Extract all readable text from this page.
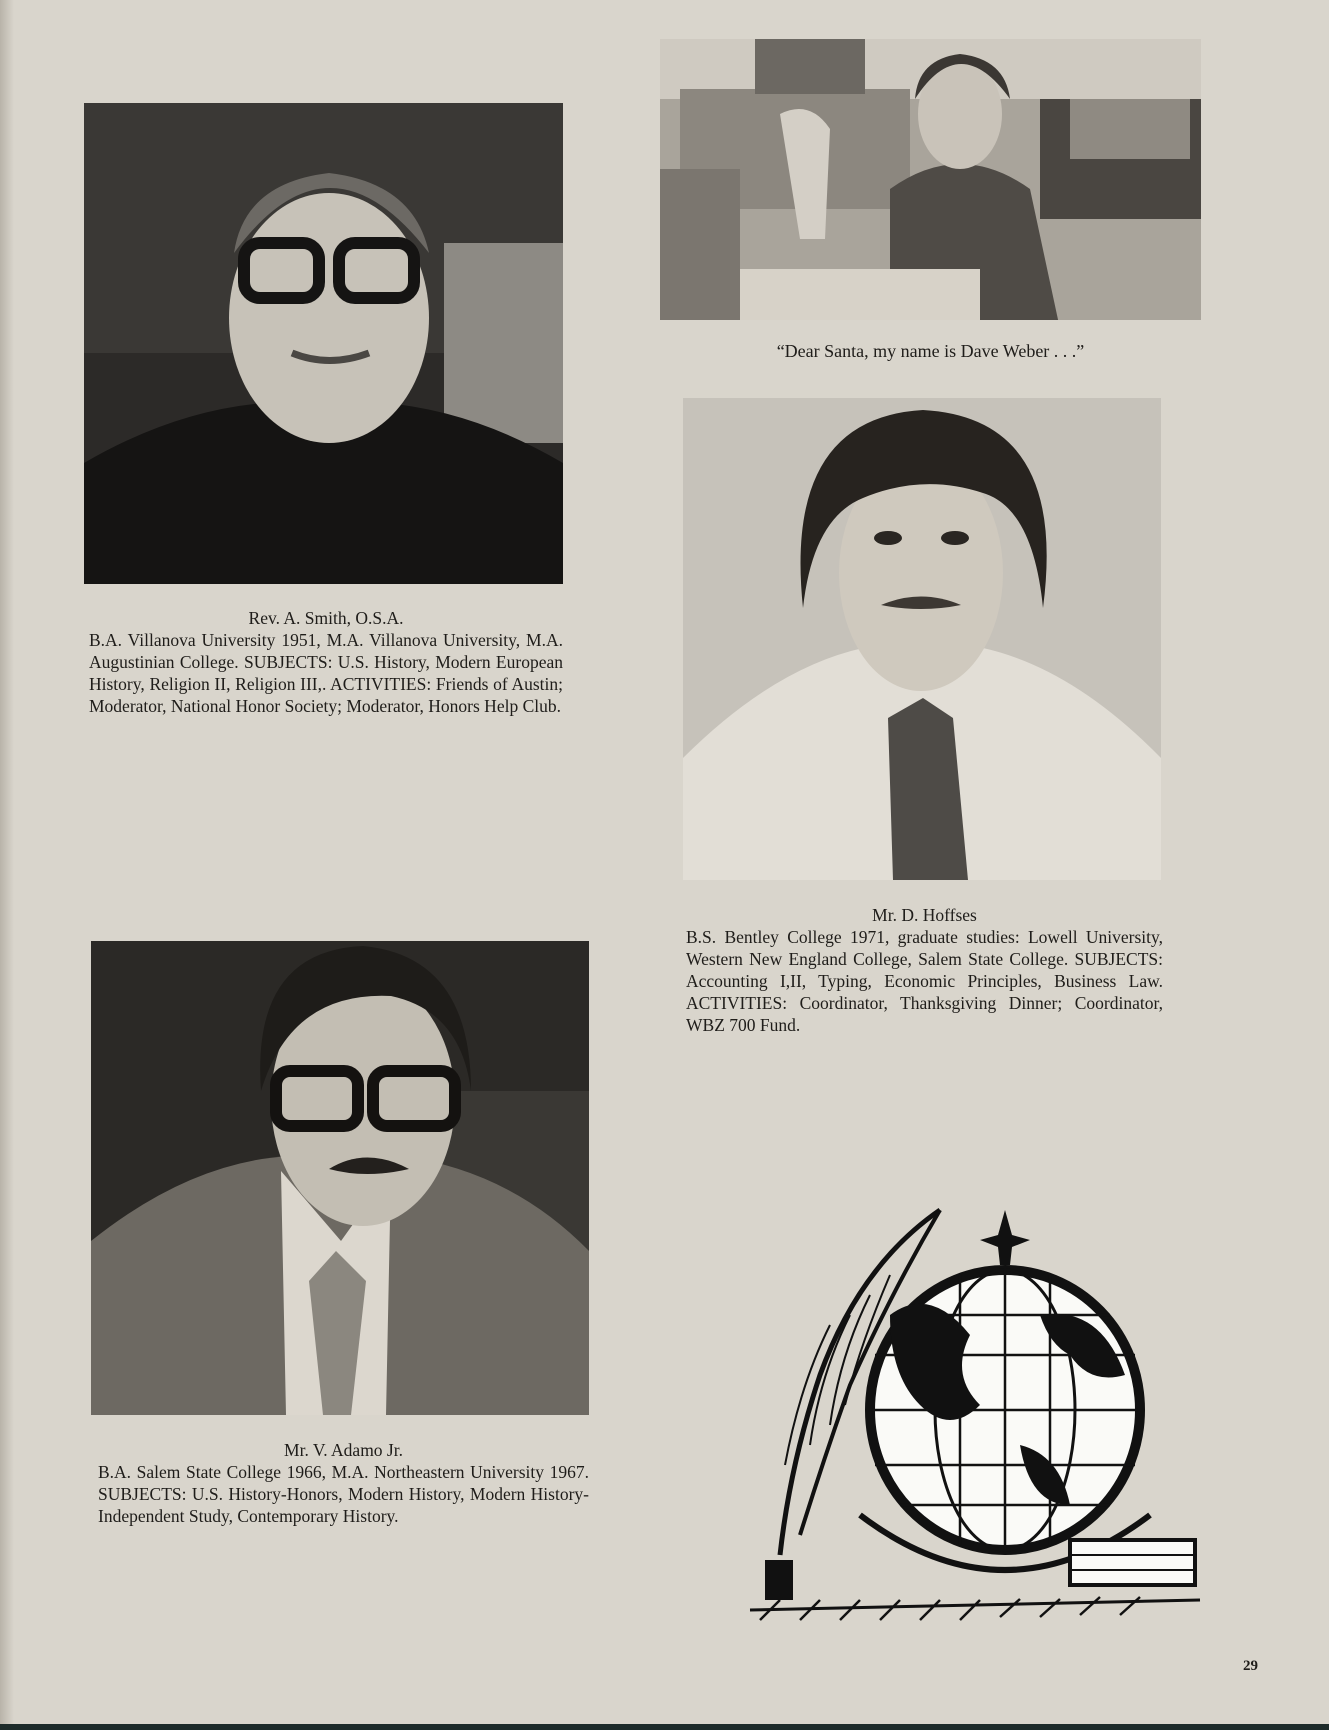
“Dear Santa, my name is Dave Weber . . .”
Rev. A. Smith, O.S.A.
B.A. Villanova University 1951, M.A. Villanova University, M.A. Augustinian College. SUBJECTS: U.S. History, Modern European History, Religion II, Religion III,. ACTIVITIES: Friends of Austin; Moderator, National Honor Society; Moderator, Honors Help Club.
Mr. D. Hoffses
B.S. Bentley College 1971, graduate studies: Lowell University, Western New England College, Salem State College. SUBJECTS: Accounting I,II, Typing, Economic Principles, Business Law. ACTIVITIES: Coordinator, Thanksgiving Dinner; Coordinator, WBZ 700 Fund.
Mr. V. Adamo Jr.
B.A. Salem State College 1966, M.A. Northeastern University 1967. SUBJECTS: U.S. History-Honors, Modern History, Modern History-Independent Study, Contemporary History.
29
